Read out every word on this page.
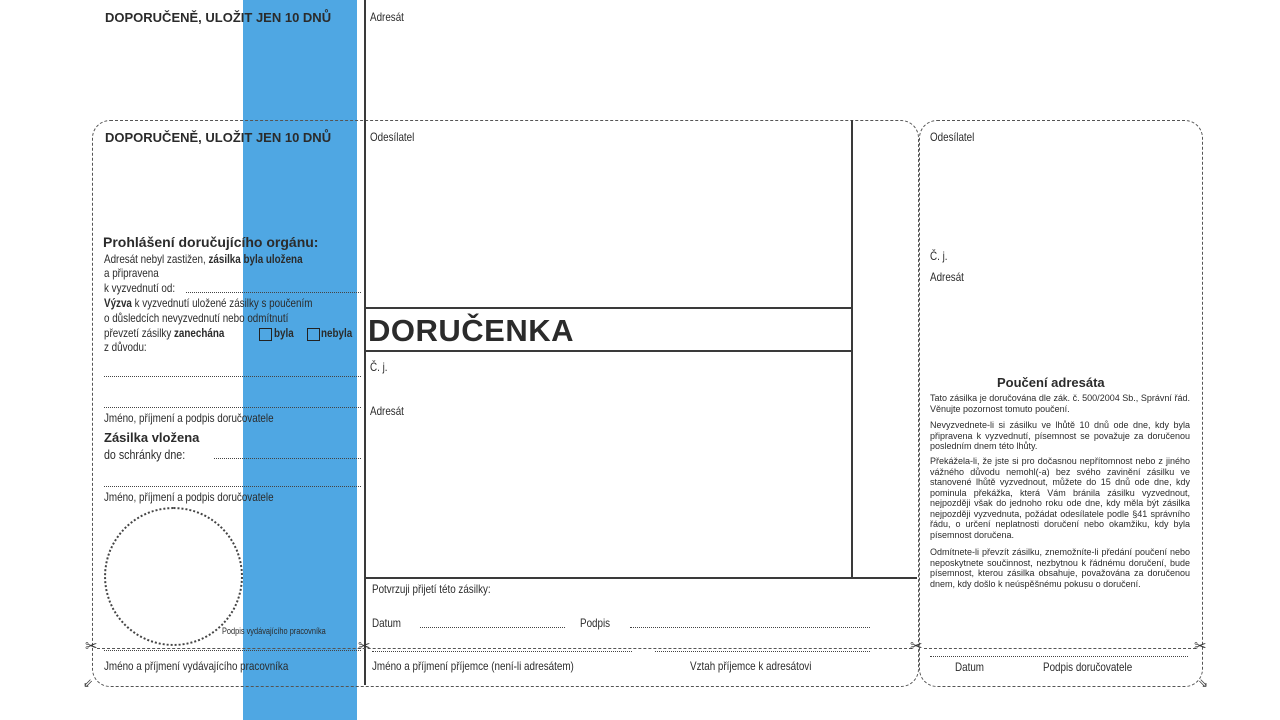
DOPORUČENĚ, ULOŽIT JEN 10 DNŮ	Adresát
DOPORUČENĚ, ULOŽIT JEN 10 DNŮ
Prohlášení doručujícího orgánu:
Adresát nebyl zastižen, zásilka byla uložena
a připravena
k vyzvednutí od:
Výzva k vyzvednutí uložené zásilky s poučením
o důsledcích nevyzvednutí nebo odmítnutí
převzetí zásilky zanechána	byla	nebyla
z důvodu:
Jméno, příjmení a podpis doručovatele
Zásilka vložena
do schránky dne:
Jméno, příjmení a podpis doručovatele
Podpis vydávajícího pracovníka
Jméno a příjmení vydávajícího pracovníka
Odesílatel
DORUČENKA
Č. j.
Adresát
Potvrzuji přijetí této zásilky:
Datum	Podpis
Jméno a příjmení příjemce (není-li adresátem)	Vztah příjemce k adresátovi
Odesílatel
Č. j.
Adresát
Poučení adresáta
Tato zásilka je doručována dle zák. č. 500/2004 Sb., Správní řád. Věnujte pozornost tomuto poučení.
Nevyzvednete-li si zásilku ve lhůtě 10 dnů ode dne, kdy byla připravena k vyzvednutí, písemnost se považuje za doručenou posledním dnem této lhůty.
Překážela-li, že jste si pro dočasnou nepřítomnost nebo z jiného vážného důvodu nemohl(-a) bez svého zavinění zásilku ve stanovené lhůtě vyzvednout, můžete do 15 dnů ode dne, kdy pominula překážka, která Vám bránila zásilku vyzvednout, nejpozději však do jednoho roku ode dne, kdy měla být zásilka nejpozději vyzvednuta, požádat odesílatele podle §41 správního řádu, o určení neplatnosti doručení nebo okamžiku, kdy byla písemnost doručena.
Odmítnete-li převzít zásilku, znemožníte-li předání poučení nebo neposkytnete součinnost, nezbytnou k řádnému doručení, bude písemnost, kterou zásilka obsahuje, považována za doručenou dnem, kdy došlo k neúspěšnému pokusu o doručení.
Datum	Podpis doručovatele
✂	✂	✂	✂
⇙	⇘
